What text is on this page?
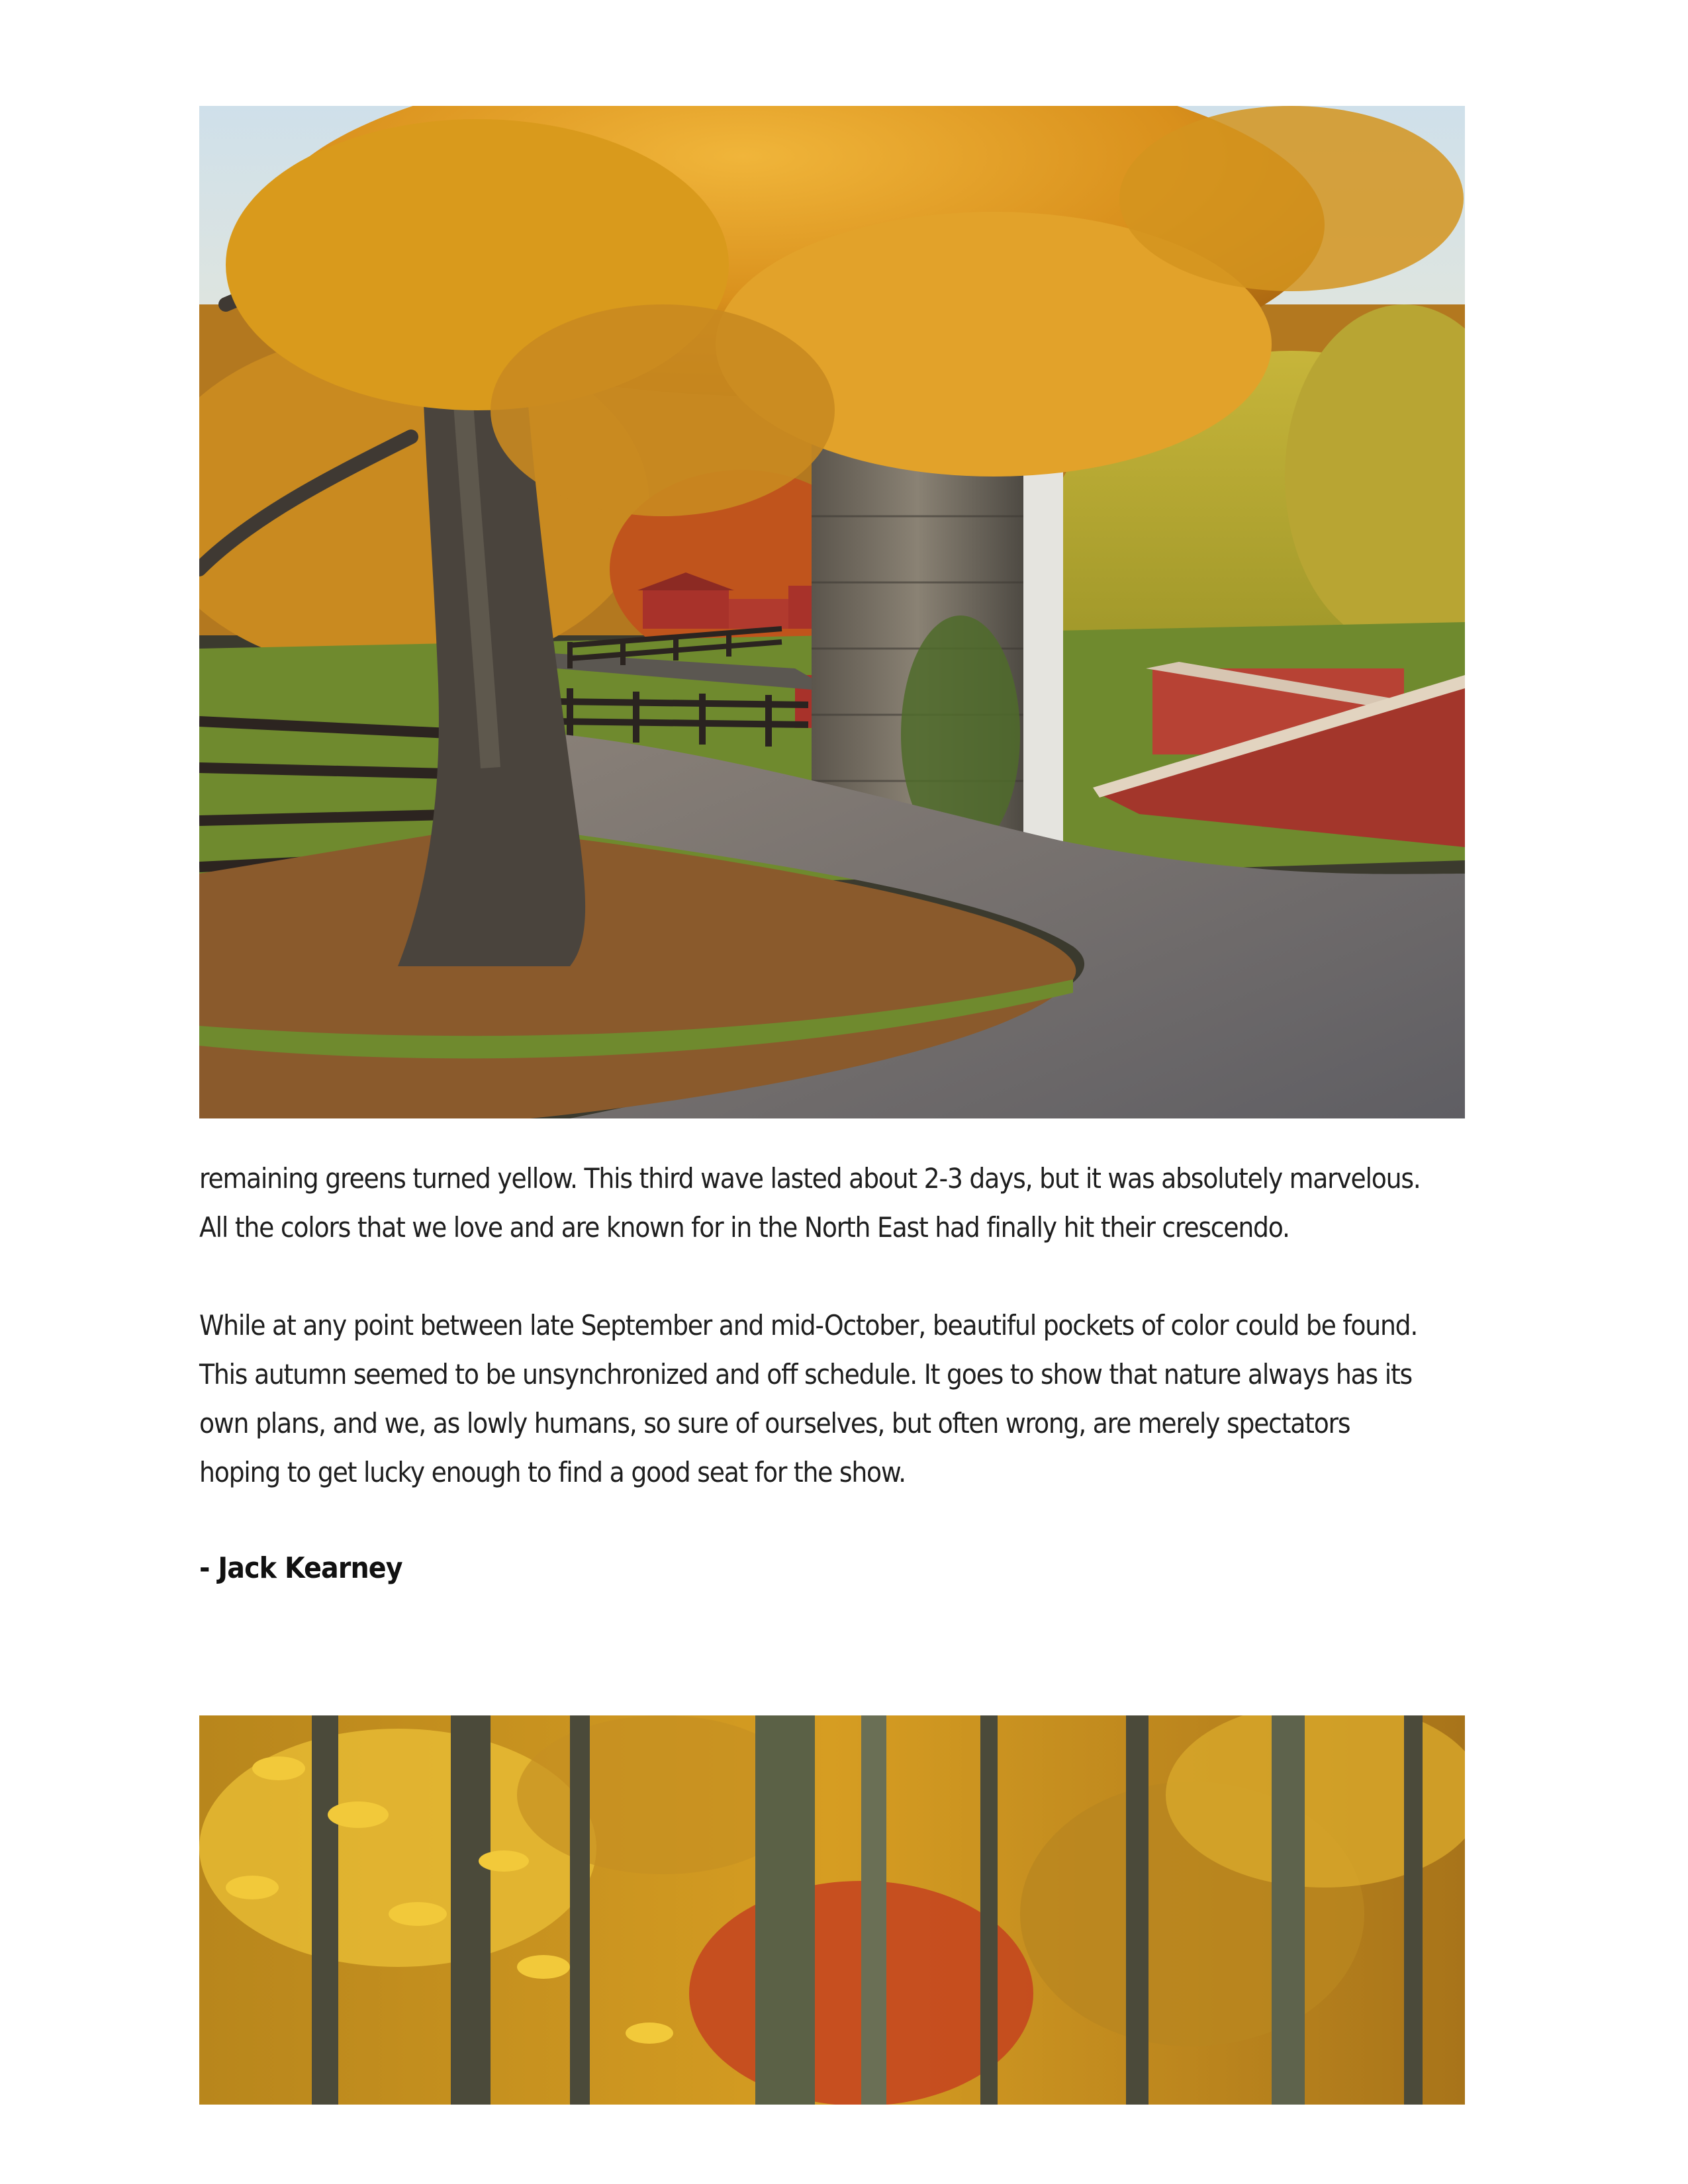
remaining greens turned yellow. This third wave lasted about 2-3 days, but it was absolutely marvelous.
All the colors that we love and are known for in the North East had finally hit their crescendo.

While at any point between late September and mid-October, beautiful pockets of color could be found.
This autumn seemed to be unsynchronized and off schedule. It goes to show that nature always has its
own plans, and we, as lowly humans, so sure of ourselves, but often wrong, are merely spectators
hoping to get lucky enough to find a good seat for the show.

- Jack Kearney
